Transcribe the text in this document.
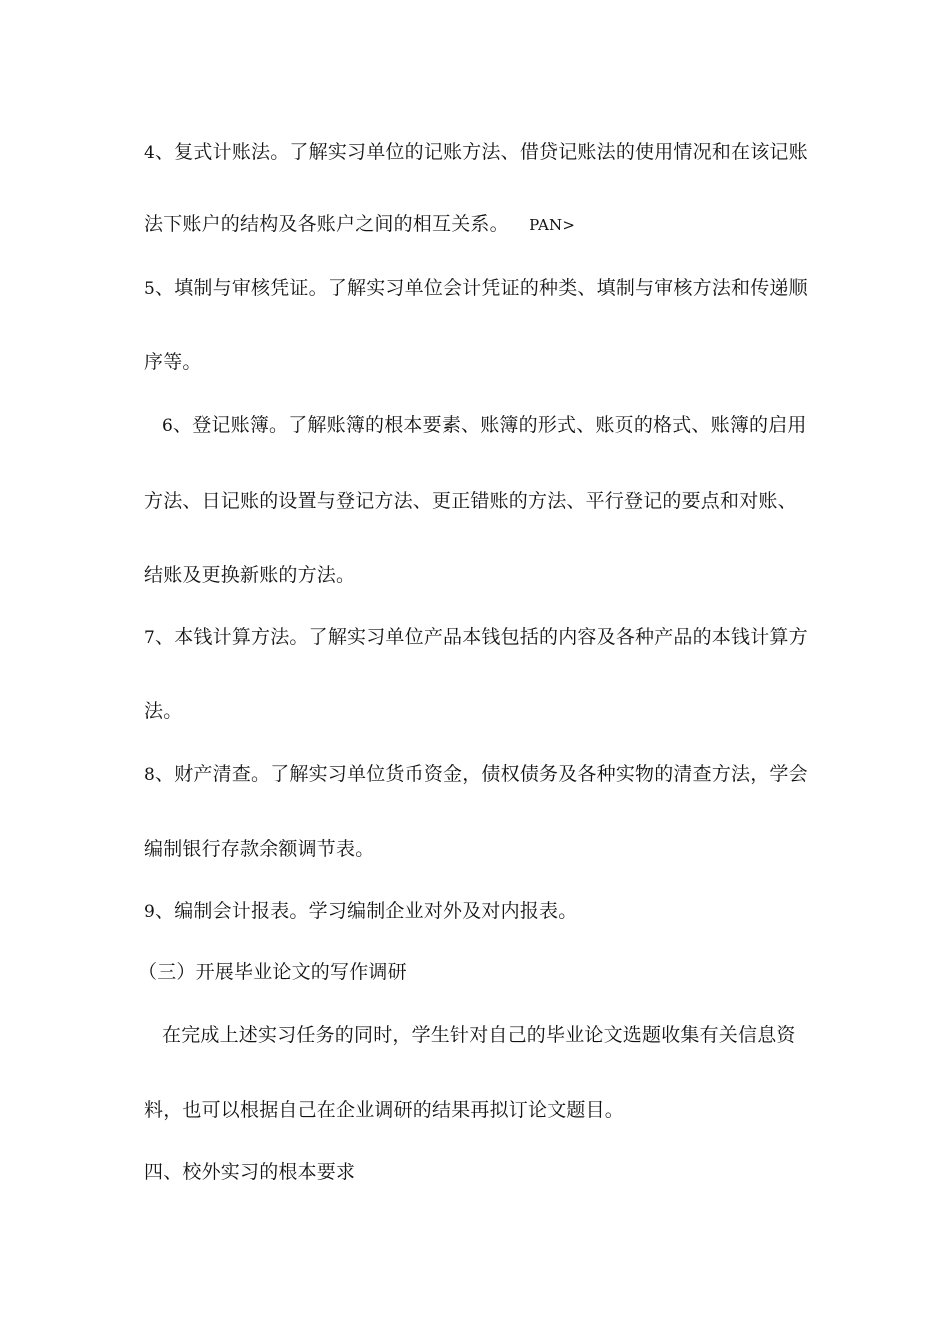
4、复式计账法。了解实习单位的记账方法、借贷记账法的使用情况和在该记账
法下账户的结构及各账户之间的相互关系。 PAN>
5、填制与审核凭证。了解实习单位会计凭证的种类、填制与审核方法和传递顺
序等。
6、登记账簿。了解账簿的根本要素、账簿的形式、账页的格式、账簿的启用
方法、日记账的设置与登记方法、更正错账的方法、平行登记的要点和对账、
结账及更换新账的方法。
7、本钱计算方法。了解实习单位产品本钱包括的内容及各种产品的本钱计算方
法。
8、财产清查。了解实习单位货币资金，债权债务及各种实物的清查方法，学会
编制银行存款余额调节表。
9、编制会计报表。学习编制企业对外及对内报表。
（三）开展毕业论文的写作调研
在完成上述实习任务的同时，学生针对自己的毕业论文选题收集有关信息资
料，也可以根据自己在企业调研的结果再拟订论文题目。
四、校外实习的根本要求
